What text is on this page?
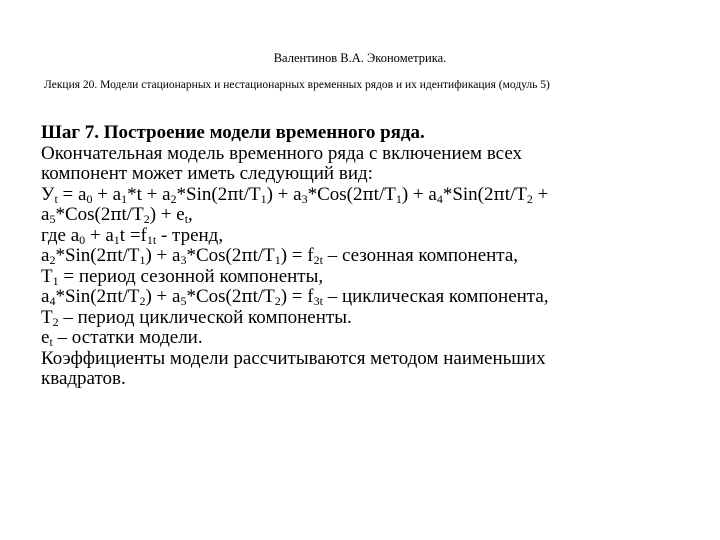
Валентинов В.А. Эконометрика.
Лекция 20. Модели стационарных и нестационарных временных рядов и их идентификация (модуль 5)
Шаг 7. Построение модели временного ряда.
Окончательная модель временного ряда с включением всех
компонент может иметь следующий вид:
$У_t = a_0 + a_1*t + a_2*Sin(2\pi t/T_1) + a_3*Cos(2\pi t/T_1) + a_4*Sin(2\pi t/T_2$ +
$a_5*Cos(2\pi t/T_2) + e_t$,
где $a_0 + a_1t =f_{1t}$ - тренд,
$a_2*Sin(2\pi t/T_1) + a_3*Cos(2\pi t/T_1) = f_{2t}$ – сезонная компонента,
$T_1$ = период сезонной компоненты,
$a_4*Sin(2\pi t/T_2) + a_5*Cos(2\pi t/T_2) = f_{3t}$ – циклическая компонента,
$T_2$ – период циклической компоненты.
$e_t$ – остатки модели.
Коэффициенты модели рассчитываются методом наименьших
квадратов.
